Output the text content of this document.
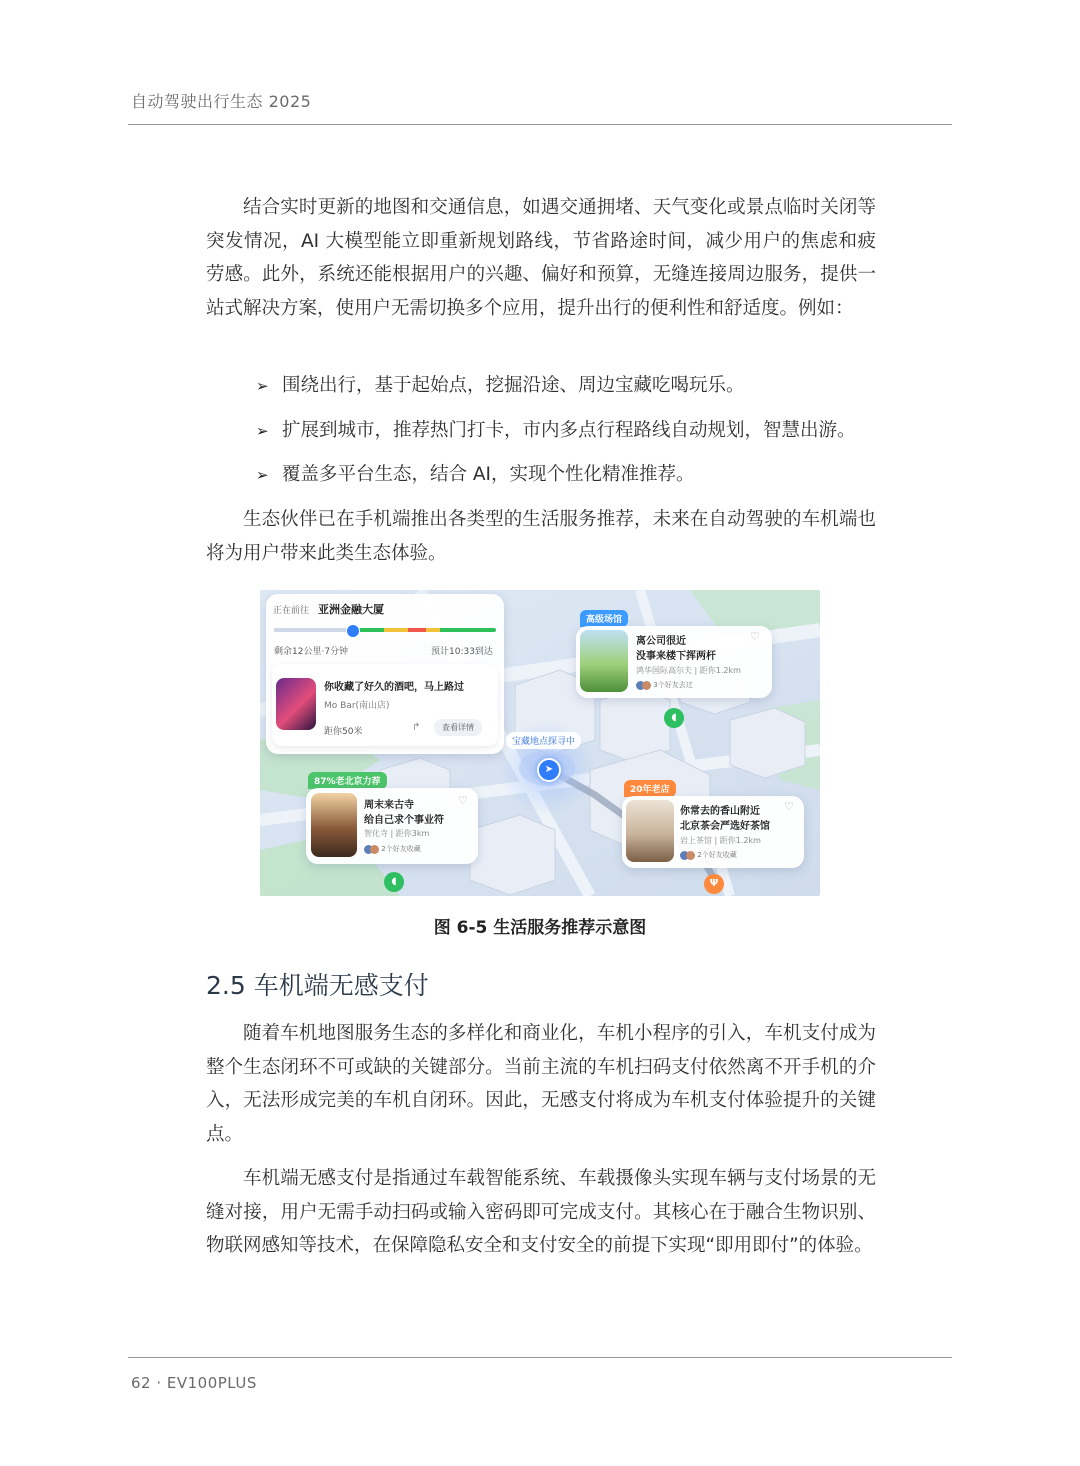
自动驾驶出行生态 2025

结合实时更新的地图和交通信息，如遇交通拥堵、天气变化或景点临时关闭等突发情况，AI 大模型能立即重新规划路线，节省路途时间，减少用户的焦虑和疲劳感。此外，系统还能根据用户的兴趣、偏好和预算，无缝连接周边服务，提供一站式解决方案，使用户无需切换多个应用，提升出行的便利性和舒适度。例如：

➢ 围绕出行，基于起始点，挖掘沿途、周边宝藏吃喝玩乐。
➢ 扩展到城市，推荐热门打卡，市内多点行程路线自动规划，智慧出游。
➢ 覆盖多平台生态，结合 AI，实现个性化精准推荐。

生态伙伴已在手机端推出各类型的生活服务推荐，未来在自动驾驶的车机端也将为用户带来此类生态体验。

正在前往 亚洲金融大厦
剩余12公里·7分钟	预计10:33到达
你收藏了好久的酒吧，马上路过
Mo Bar(南山店)
距你50米	↱	查看详情
高级场馆
离公司很近
没事来楼下挥两杆
鸿华国际高尔夫 | 距你1.2km
3个好友去过
♡
◖
宝藏地点探寻中
➤
87%老北京力荐
周末来古寺
给自己求个事业符
智化寺 | 距你3km
2个好友收藏
♡
◖
20年老店
你常去的香山附近
北京茶会严选好茶馆
岩上茶馆 | 距你1.2km
2个好友收藏
♡
Ψ
图 6-5 生活服务推荐示意图
2.5 车机端无感支付

随着车机地图服务生态的多样化和商业化，车机小程序的引入，车机支付成为整个生态闭环不可或缺的关键部分。当前主流的车机扫码支付依然离不开手机的介入，无法形成完美的车机自闭环。因此，无感支付将成为车机支付体验提升的关键点。

车机端无感支付是指通过车载智能系统、车载摄像头实现车辆与支付场景的无缝对接，用户无需手动扫码或输入密码即可完成支付。其核心在于融合生物识别、物联网感知等技术，在保障隐私安全和支付安全的前提下实现“即用即付”的体验。

62 · EV100PLUS
